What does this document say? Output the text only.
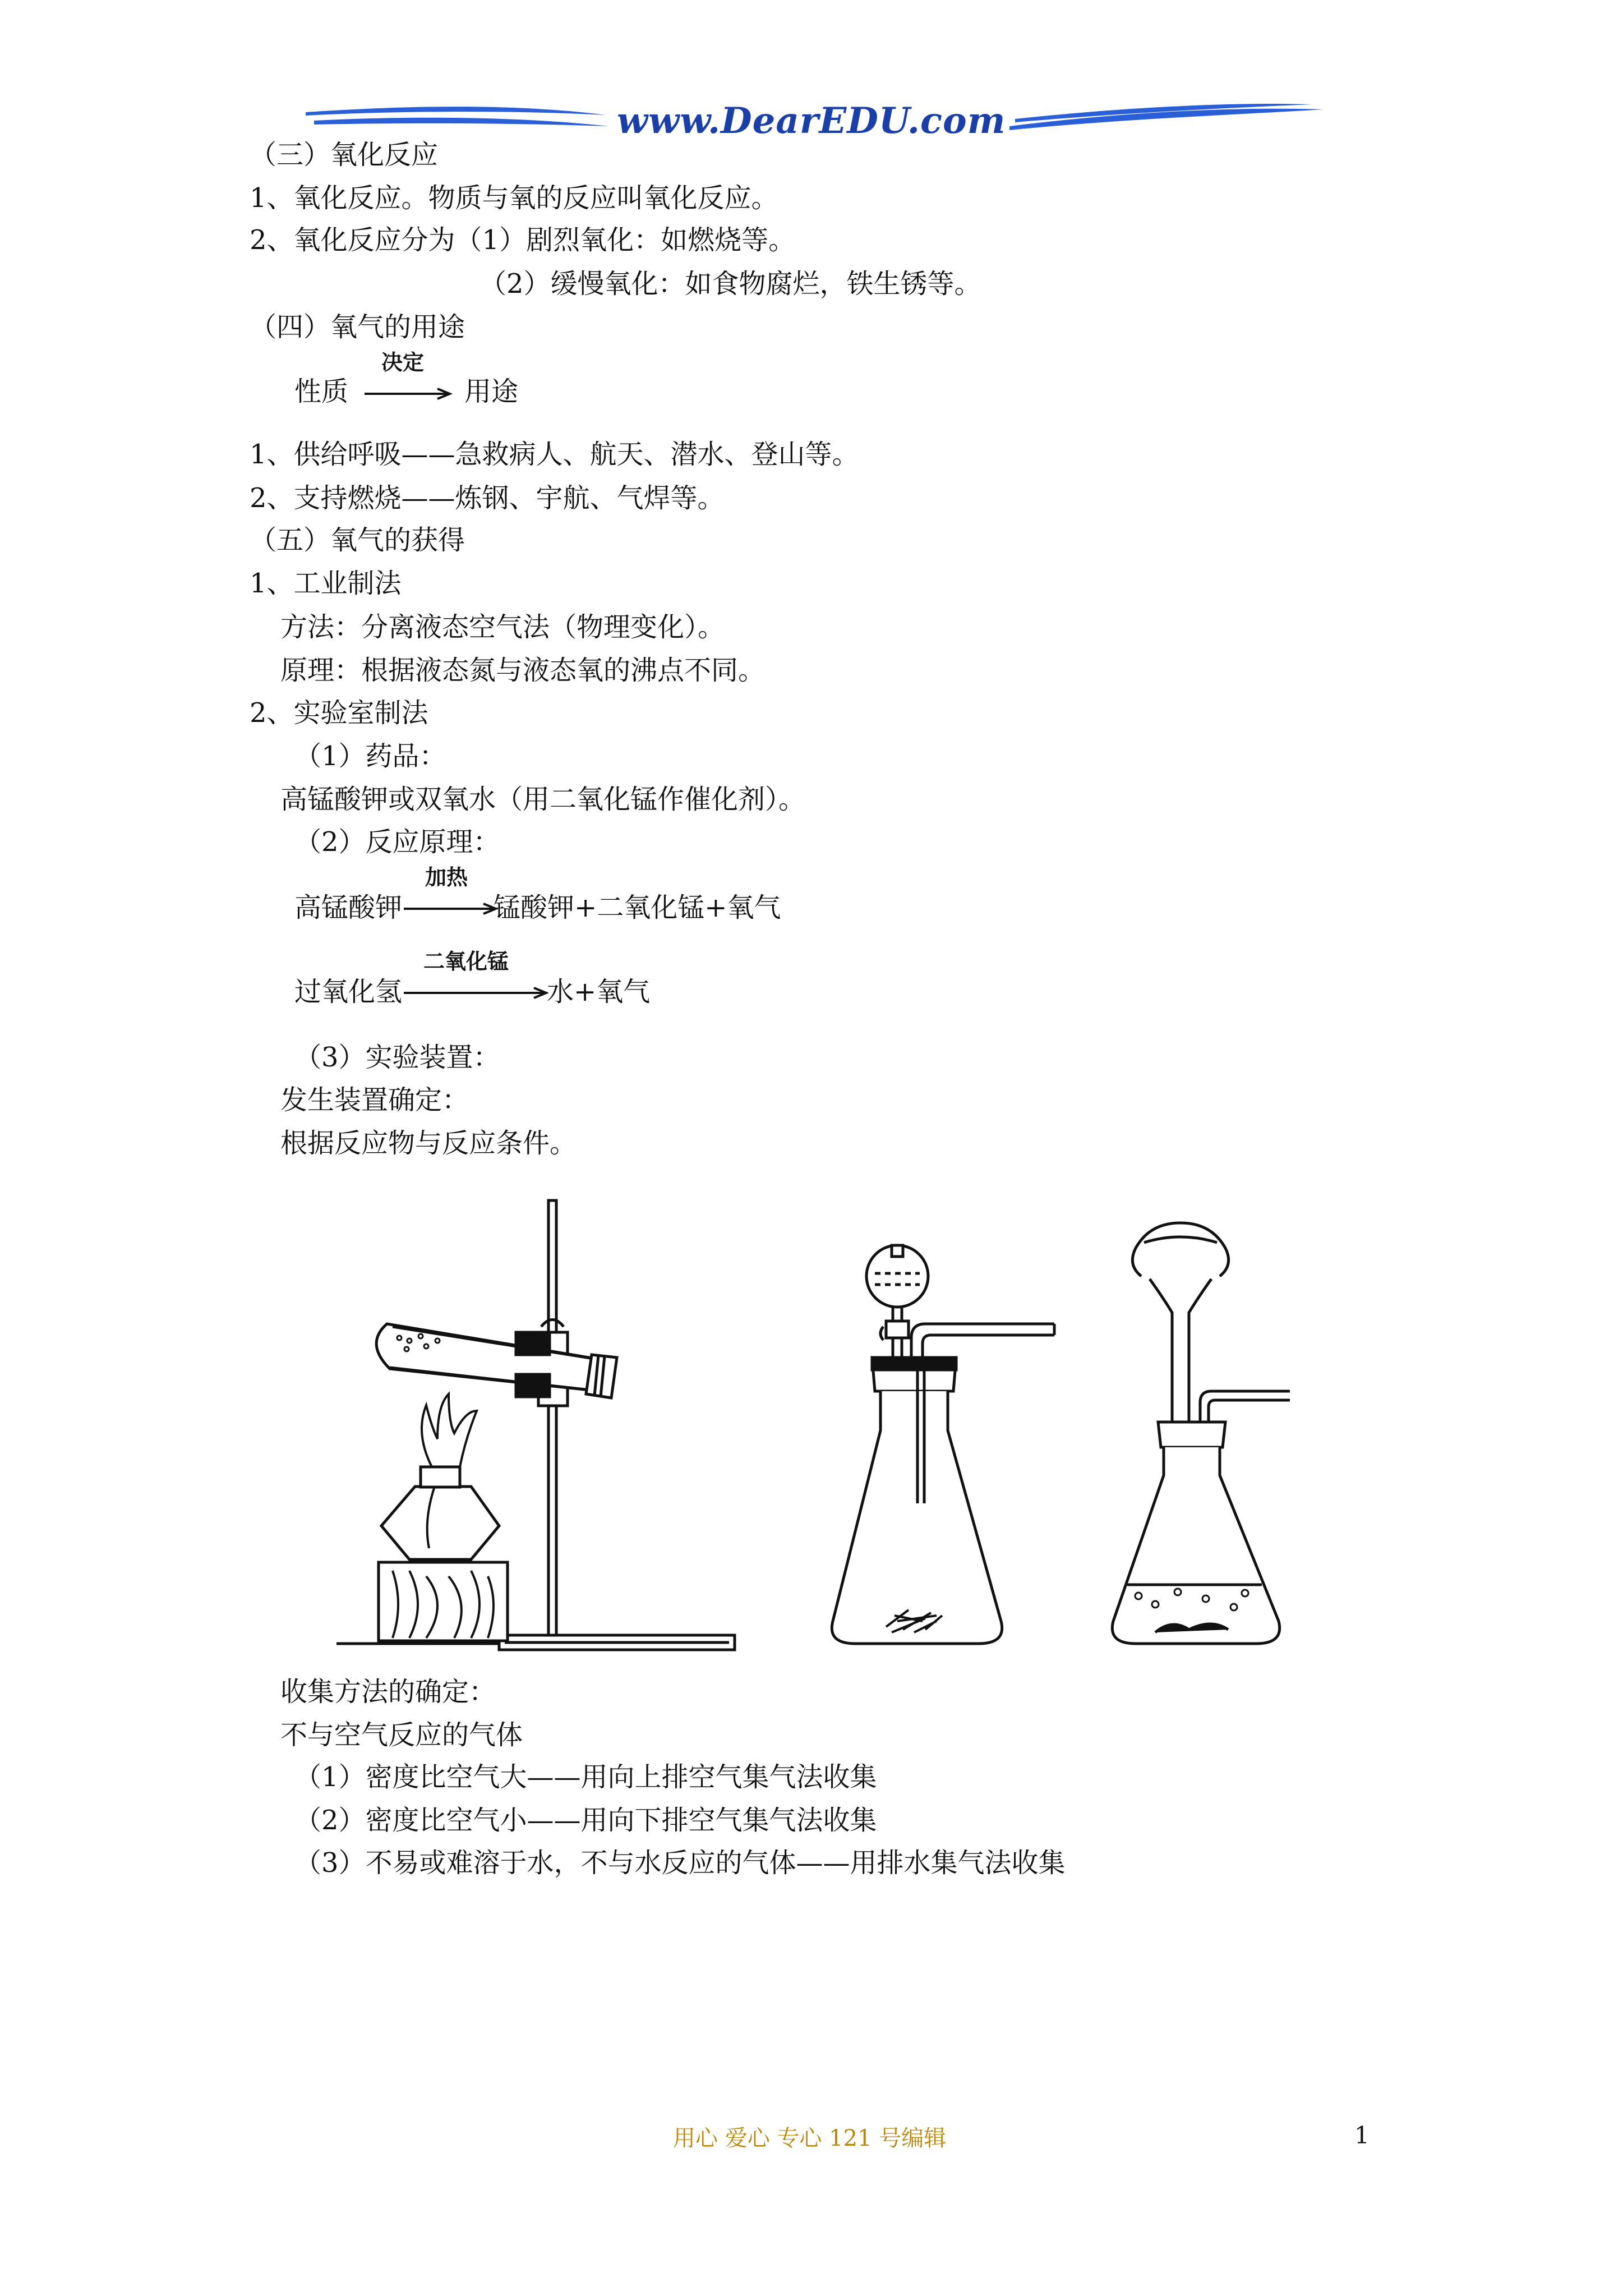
www.DearEDU.com
（三）氧化反应
1、氧化反应。物质与氧的反应叫氧化反应。
2、氧化反应分为（1）剧烈氧化：如燃烧等。
（2）缓慢氧化：如食物腐烂，铁生锈等。
（四）氧气的用途
性质
决定
用途
1、供给呼吸——急救病人、航天、潜水、登山等。
2、支持燃烧——炼钢、宇航、气焊等。
（五）氧气的获得
1、工业制法
方法：分离液态空气法（物理变化）。
原理：根据液态氮与液态氧的沸点不同。
2、实验室制法
（1）药品：
高锰酸钾或双氧水（用二氧化锰作催化剂）。
（2）反应原理：
高锰酸钾
加热
锰酸钾+二氧化锰+氧气
过氧化氢
二氧化锰
水+氧气
（3）实验装置：
发生装置确定：
根据反应物与反应条件。
收集方法的确定：
不与空气反应的气体
（1）密度比空气大——用向上排空气集气法收集
（2）密度比空气小——用向下排空气集气法收集
（3）不易或难溶于水，不与水反应的气体——用排水集气法收集
用心 爱心 专心 121 号编辑	1
